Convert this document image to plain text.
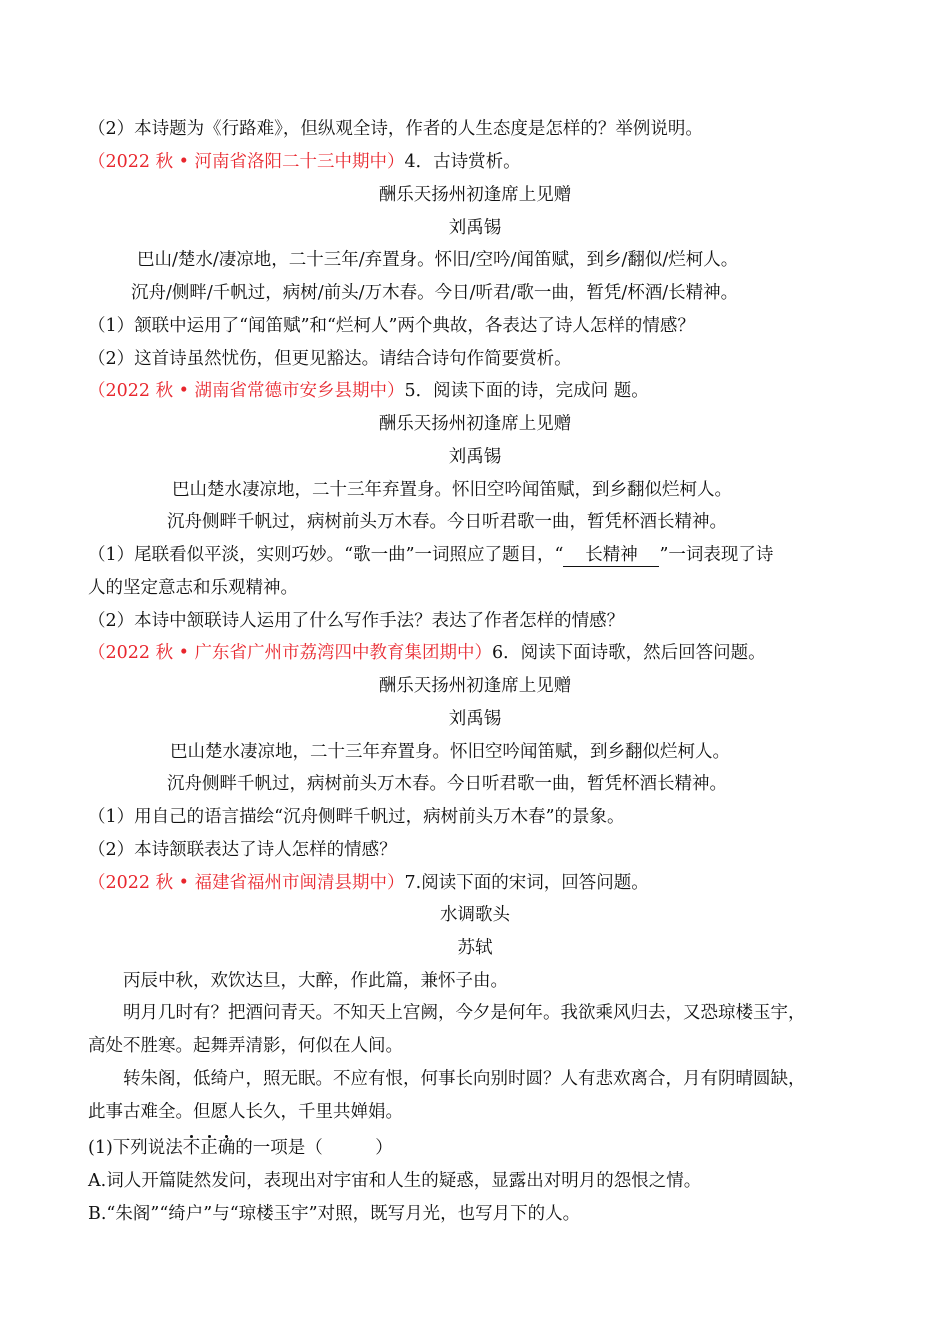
（2）本诗题为《行路难》，但纵观全诗，作者的人生态度是怎样的？举例说明。
（2022 秋 • 河南省洛阳二十三中期中）4．古诗赏析。
酬乐天扬州初逢席上见赠
刘禹锡
巴山/楚水/凄凉地，二十三年/弃置身。怀旧/空吟/闻笛赋，到乡/翻似/烂柯人。
沉舟/侧畔/千帆过，病树/前头/万木春。今日/听君/歌一曲，暂凭/杯酒/长精神。
（1）颔联中运用了“闻笛赋”和“烂柯人”两个典故，各表达了诗人怎样的情感？
（2）这首诗虽然忧伤，但更见豁达。请结合诗句作简要赏析。
（2022 秋 • 湖南省常德市安乡县期中）5．阅读下面的诗，完成问 题。
酬乐天扬州初逢席上见赠
刘禹锡
巴山楚水凄凉地，二十三年弃置身。怀旧空吟闻笛赋，到乡翻似烂柯人。
沉舟侧畔千帆过，病树前头万木春。今日听君歌一曲，暂凭杯酒长精神。
（1）尾联看似平淡，实则巧妙。“歌一曲”一词照应了题目，“ 长精神 ”一词表现了诗
人的坚定意志和乐观精神。
（2）本诗中颔联诗人运用了什么写作手法？表达了作者怎样的情感？
（2022 秋 • 广东省广州市荔湾四中教育集团期中）6．阅读下面诗歌，然后回答问题。
酬乐天扬州初逢席上见赠
刘禹锡
巴山楚水凄凉地，二十三年弃置身。怀旧空吟闻笛赋，到乡翻似烂柯人。
沉舟侧畔千帆过，病树前头万木春。今日听君歌一曲，暂凭杯酒长精神。
（1）用自己的语言描绘“沉舟侧畔千帆过，病树前头万木春”的景象。
（2）本诗颔联表达了诗人怎样的情感？
（2022 秋 • 福建省福州市闽清县期中）7.阅读下面的宋词，回答问题。
水调歌头
苏轼
丙辰中秋，欢饮达旦，大醉，作此篇，兼怀子由。
明月几时有？把酒问青天。不知天上宫阙，今夕是何年。我欲乘风归去，又恐琼楼玉宇，
高处不胜寒。起舞弄清影，何似在人间。
转朱阁，低绮户，照无眠。不应有恨，何事长向别时圆？人有悲欢离合，月有阴晴圆缺，
此事古难全。但愿人长久，千里共婵娟。
(1)下列说法不正确的一项是（　　　）
A.词人开篇陡然发问，表现出对宇宙和人生的疑惑，显露出对明月的怨恨之情。
B.“朱阁”“绮户”与“琼楼玉宇”对照，既写月光，也写月下的人。
